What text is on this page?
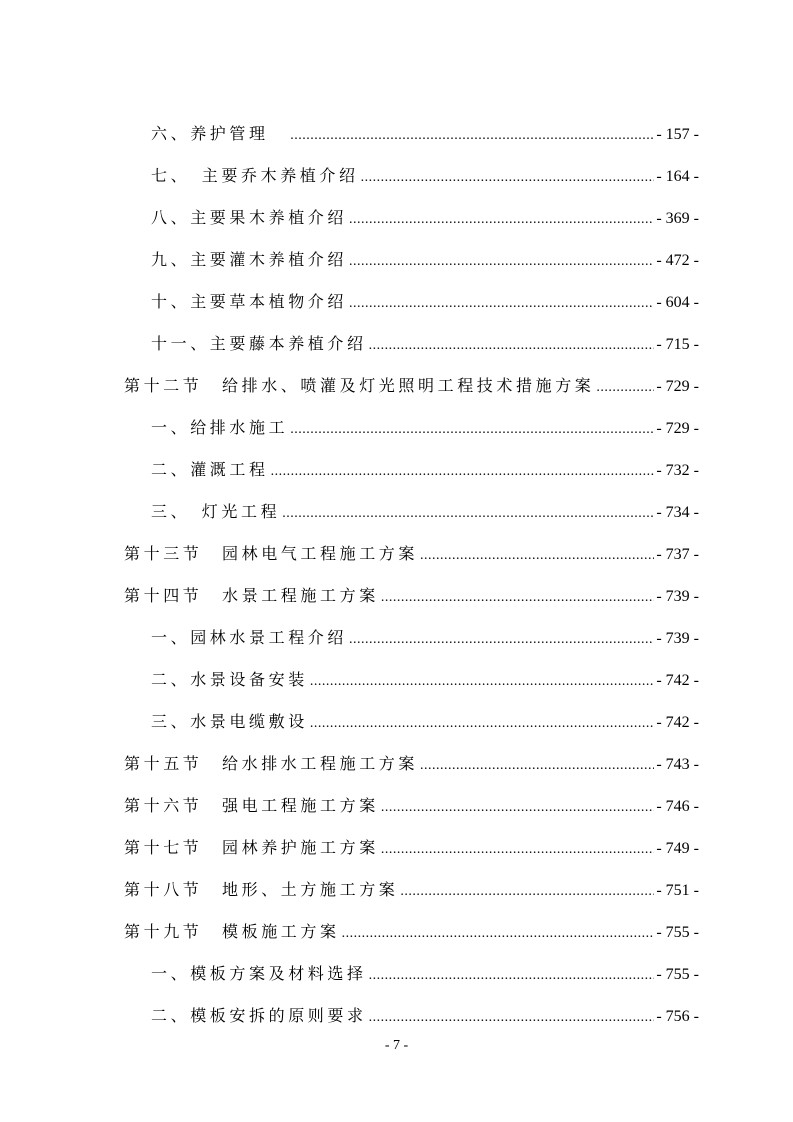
六、养护管理　 .....	- 157 -
七、　主要乔木养植介绍 .....	- 164 -
八、主要果木养植介绍 .....	- 369 -
九、主要灌木养植介绍 .....	- 472 -
十、主要草本植物介绍 .....	- 604 -
十一、主要藤本养植介绍 .....	- 715 -
第十二节　给排水、喷灌及灯光照明工程技术措施方案 .....	- 729 -
一、给排水施工 .....	- 729 -
二、灌溉工程 .....	- 732 -
三、　灯光工程 .....	- 734 -
第十三节　园林电气工程施工方案 .....	- 737 -
第十四节　水景工程施工方案 .....	- 739 -
一、园林水景工程介绍 .....	- 739 -
二、水景设备安装 .....	- 742 -
三、水景电缆敷设 .....	- 742 -
第十五节　给水排水工程施工方案 .....	- 743 -
第十六节　强电工程施工方案 .....	- 746 -
第十七节　园林养护施工方案 .....	- 749 -
第十八节　地形、土方施工方案 .....	- 751 -
第十九节　模板施工方案 .....	- 755 -
一、模板方案及材料选择 .....	- 755 -
二、模板安拆的原则要求 .....	- 756 -
- 7 -
